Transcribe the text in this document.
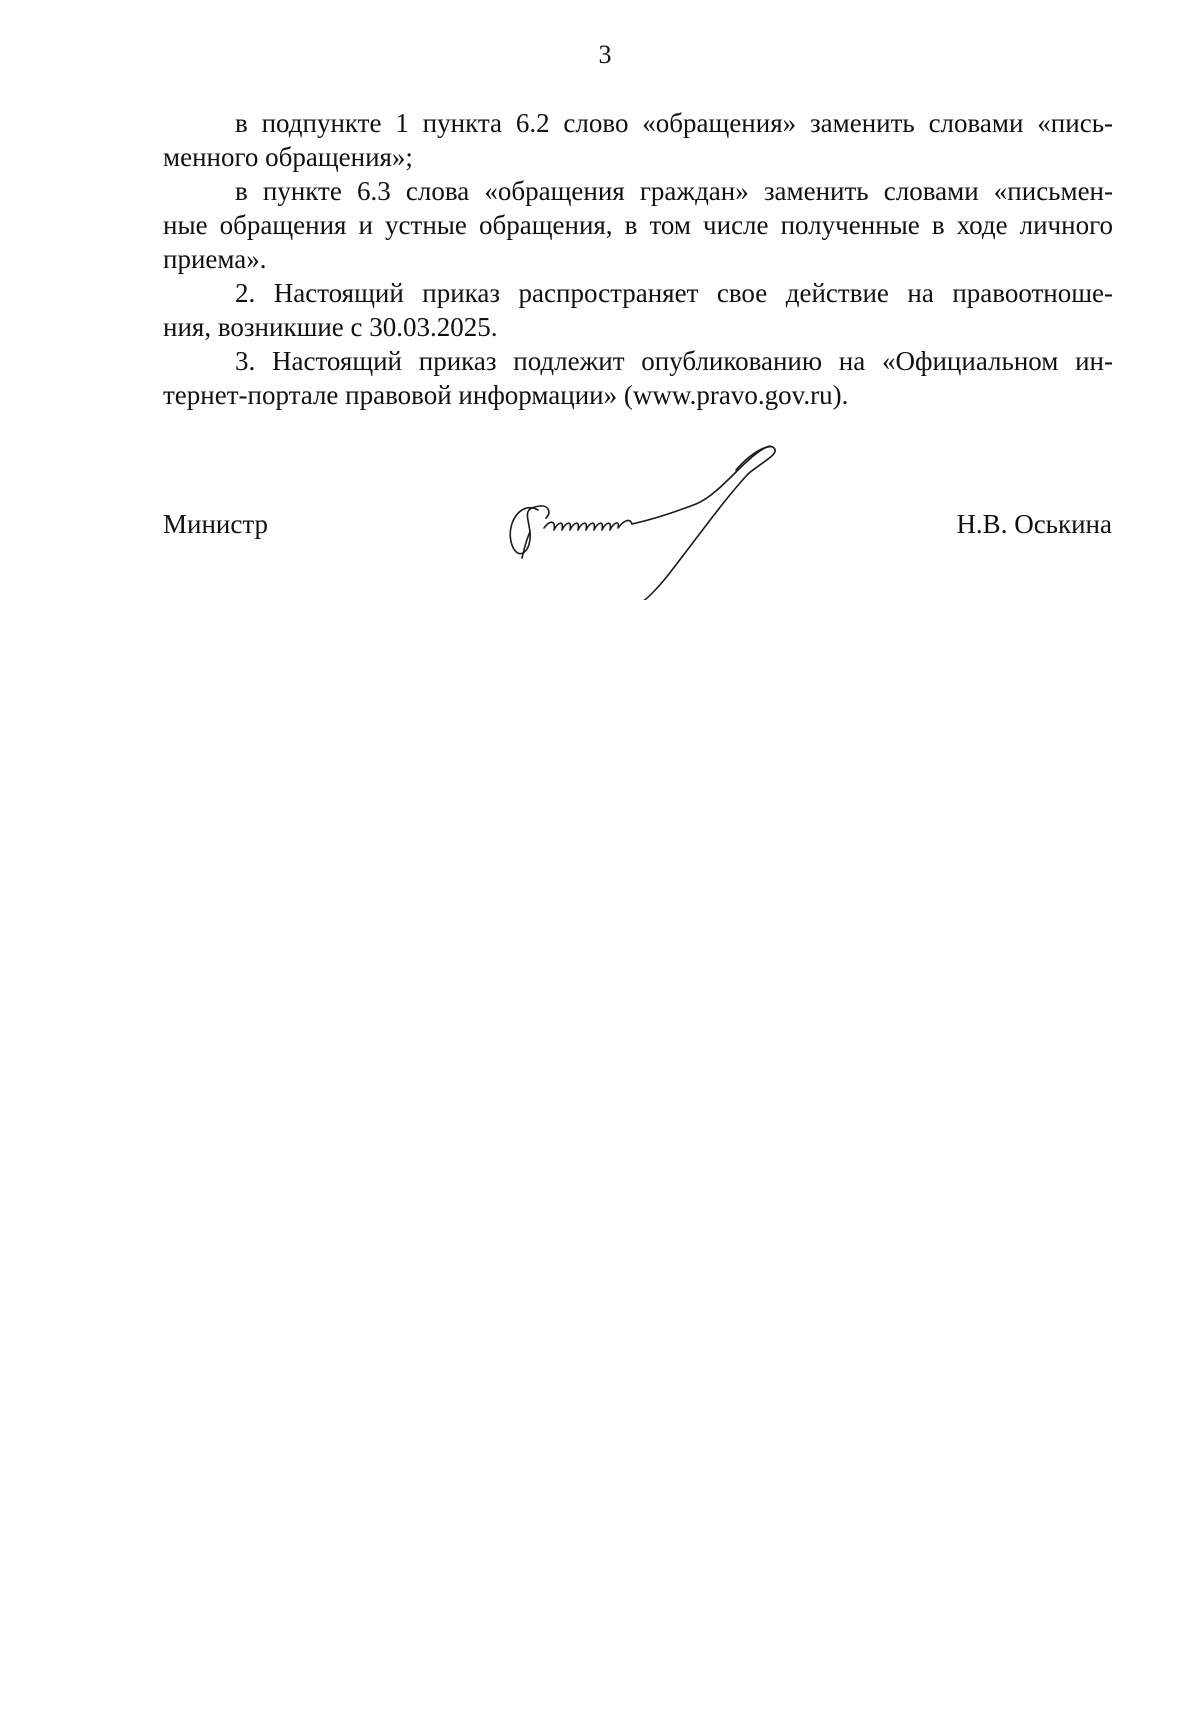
3
в подпункте 1 пункта 6.2 слово «обращения» заменить словами «пись-
менного обращения»;
в пункте 6.3 слова «обращения граждан» заменить словами «письмен-
ные обращения и устные обращения, в том числе полученные в ходе личного
приема».
2. Настоящий приказ распространяет свое действие на правоотноше-
ния, возникшие с 30.03.2025.
3. Настоящий приказ подлежит опубликованию на «Официальном ин-
тернет-портале правовой информации» (www.pravo.gov.ru).
Министр	Н.В. Оськина
